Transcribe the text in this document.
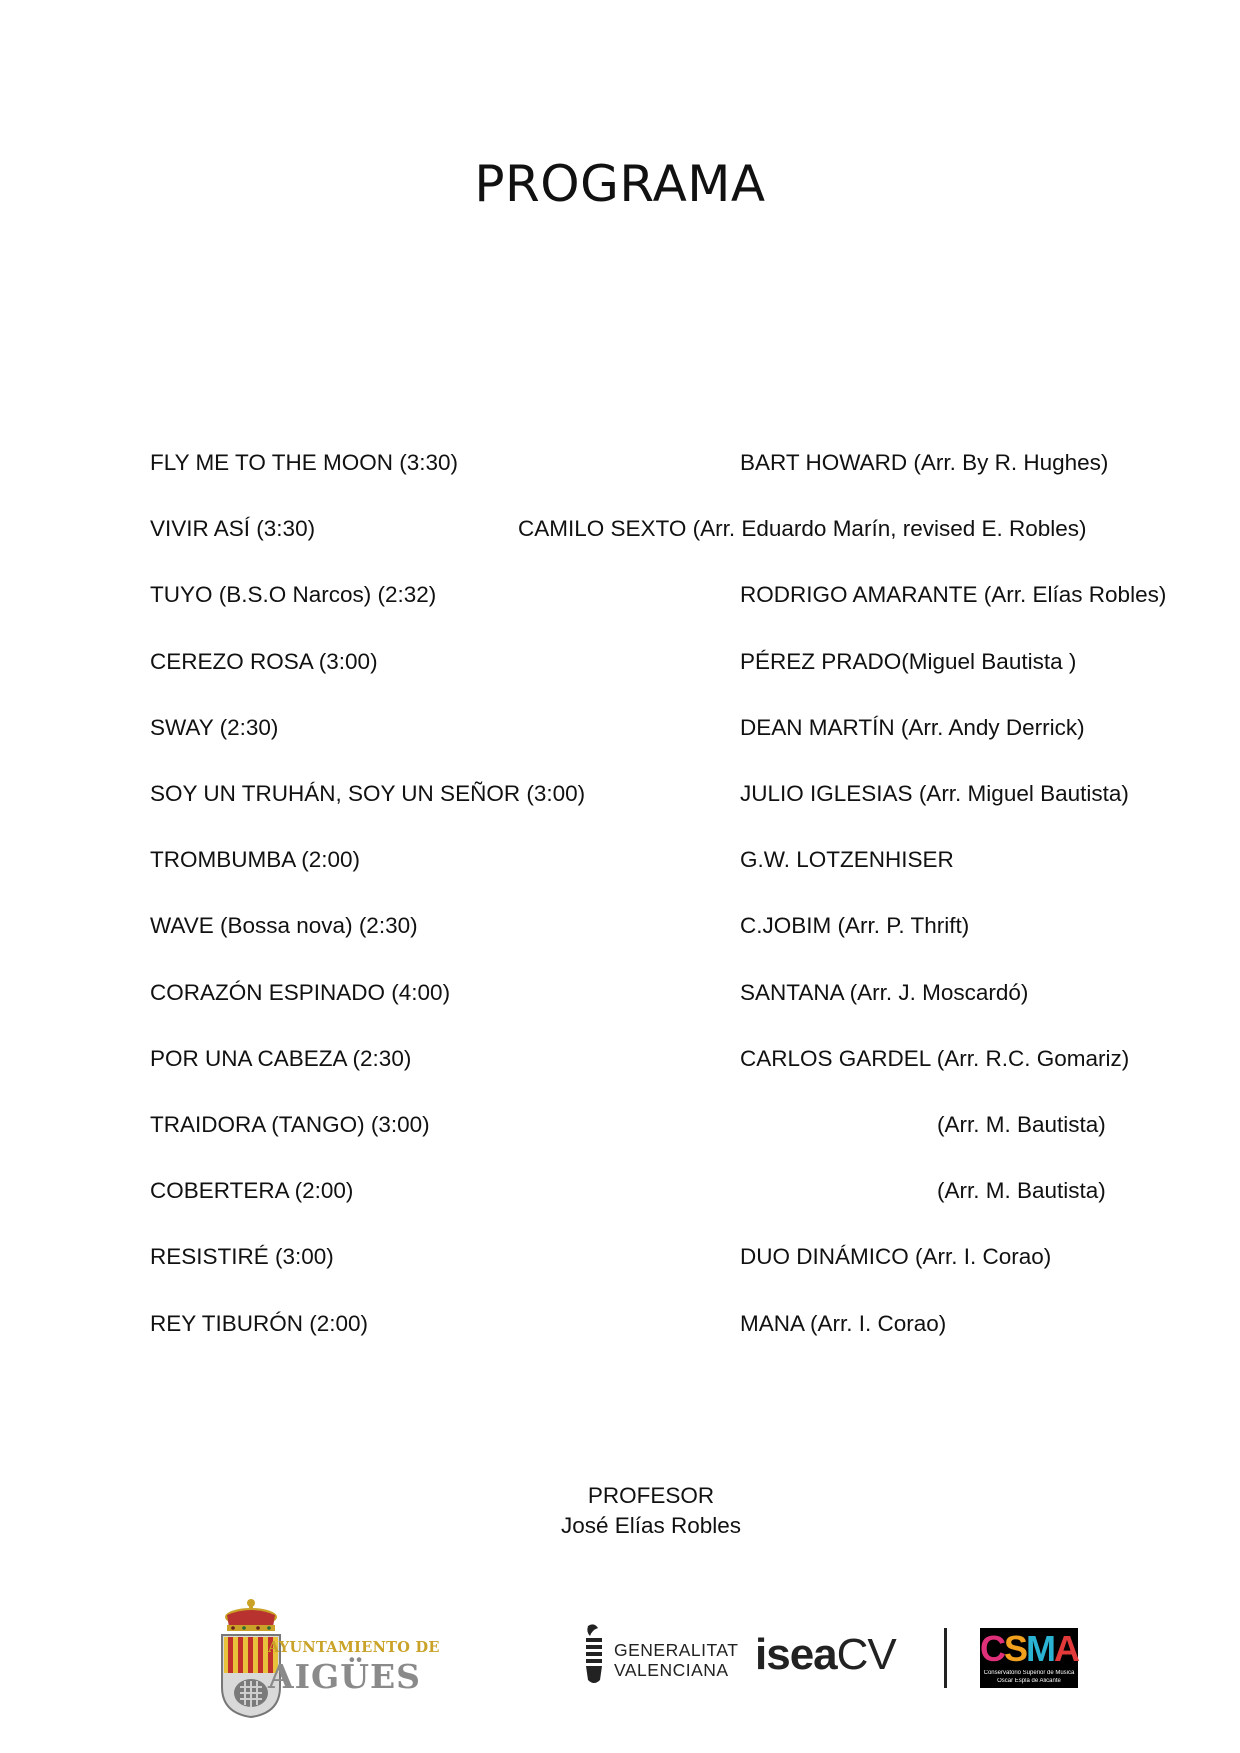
PROGRAMA
FLY ME TO THE MOON (3:30)	BART HOWARD (Arr. By R. Hughes)
VIVIR ASÍ (3:30)	CAMILO SEXTO (Arr. Eduardo Marín, revised E. Robles)
TUYO (B.S.O Narcos) (2:32)	RODRIGO AMARANTE (Arr. Elías Robles)
CEREZO ROSA (3:00)	PÉREZ PRADO(Miguel Bautista )
SWAY (2:30)	DEAN MARTÍN (Arr. Andy Derrick)
SOY UN TRUHÁN, SOY UN SEÑOR (3:00)	JULIO IGLESIAS (Arr. Miguel Bautista)
TROMBUMBA (2:00)	G.W. LOTZENHISER
WAVE (Bossa nova) (2:30)	C.JOBIM (Arr. P. Thrift)
CORAZÓN ESPINADO (4:00)	SANTANA (Arr. J. Moscardó)
POR UNA CABEZA (2:30)	CARLOS GARDEL (Arr. R.C. Gomariz)
TRAIDORA (TANGO) (3:00)	(Arr. M. Bautista)
COBERTERA (2:00)	(Arr. M. Bautista)
RESISTIRÉ (3:00)	DUO DINÁMICO (Arr. I. Corao)
REY TIBURÓN (2:00)	MANA (Arr. I. Corao)
PROFESOR
José Elías Robles
AYUNTAMIENTO DE
AIGÜES
GENERALITAT
VALENCIANA iseaCV	CSMA
Conservatorio Superior de Música
Óscar Esplá de Alicante
